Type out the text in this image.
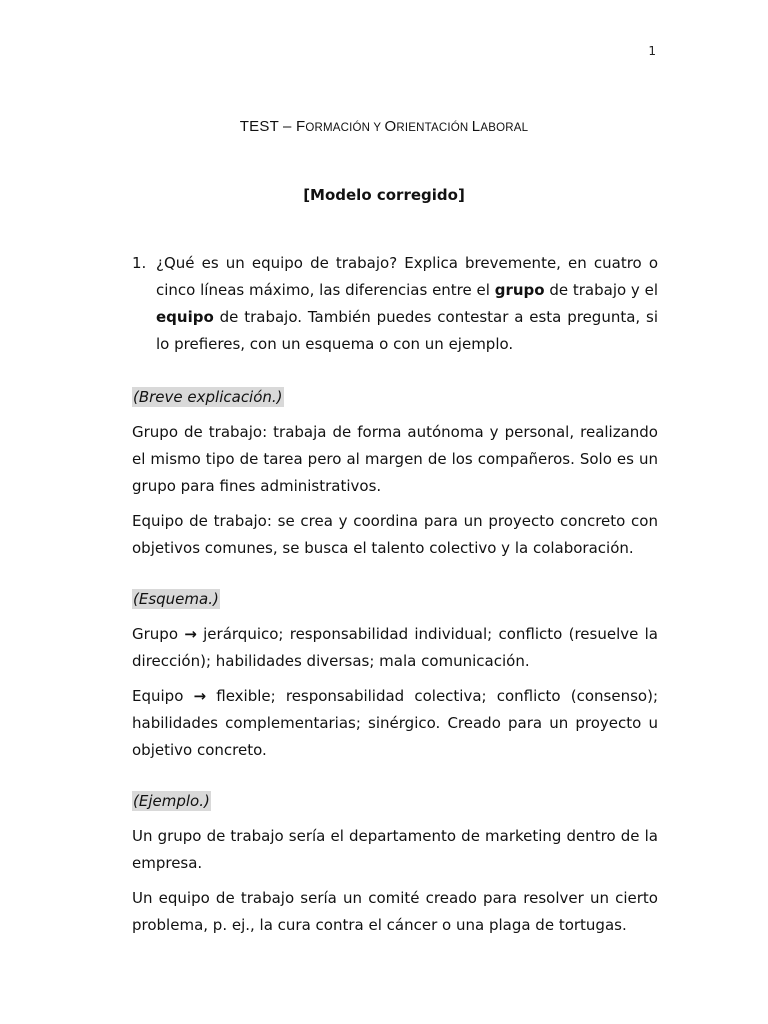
1
TEST – FORMACIÓN Y ORIENTACIÓN LABORAL
[Modelo corregido]
1. ¿Qué es un equipo de trabajo? Explica brevemente, en cuatro o cinco líneas máximo, las diferencias entre el grupo de trabajo y el equipo de trabajo. También puedes contestar a esta pregunta, si lo prefieres, con un esquema o con un ejemplo.
(Breve explicación.)
Grupo de trabajo: trabaja de forma autónoma y personal, realizando el mismo tipo de tarea pero al margen de los compañeros. Solo es un grupo para fines administrativos.
Equipo de trabajo: se crea y coordina para un proyecto concreto con objetivos comunes, se busca el talento colectivo y la colaboración.
(Esquema.)
Grupo → jerárquico; responsabilidad individual; conflicto (resuelve la dirección); habilidades diversas; mala comunicación.
Equipo → flexible; responsabilidad colectiva; conflicto (consenso); habilidades complementarias; sinérgico. Creado para un proyecto u objetivo concreto.
(Ejemplo.)
Un grupo de trabajo sería el departamento de marketing dentro de la empresa.
Un equipo de trabajo sería un comité creado para resolver un cierto problema, p. ej., la cura contra el cáncer o una plaga de tortugas.
